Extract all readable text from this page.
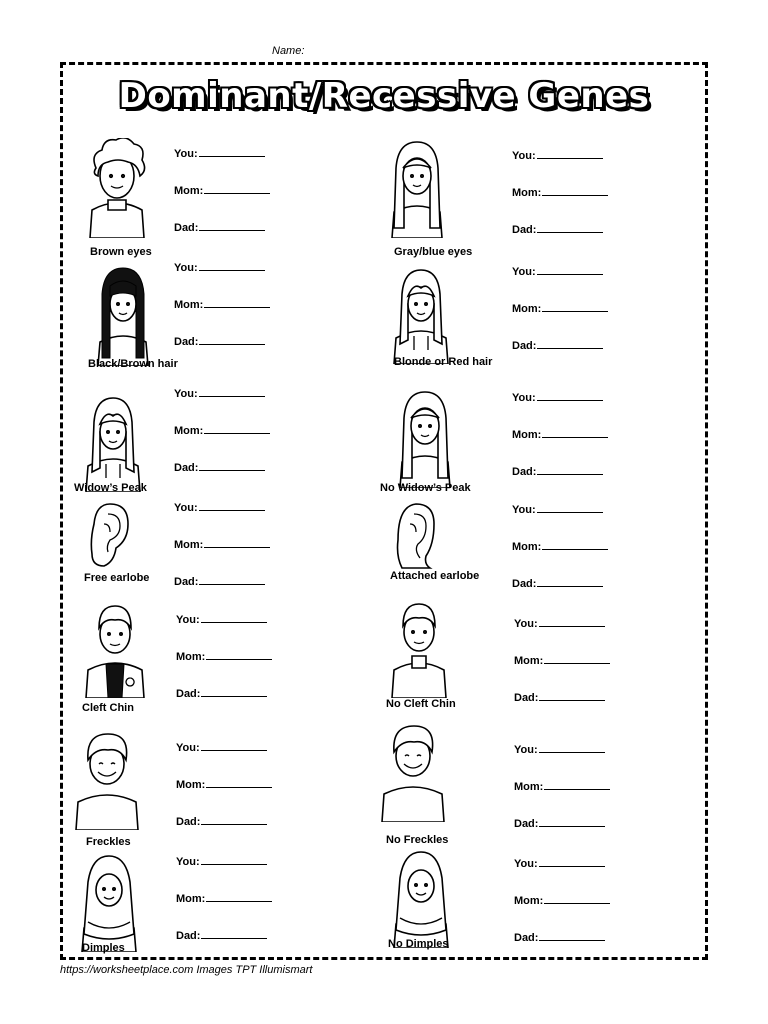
Name:
Dominant/Recessive Genes
Brown eyes
You:
Mom:
Dad:
Gray/blue eyes
You:
Mom:
Dad:
Black/Brown hair
You:
Mom:
Dad:
Blonde or Red hair
You:
Mom:
Dad:
Widow’s Peak
You:
Mom:
Dad:
No Widow’s Peak
You:
Mom:
Dad:
Free earlobe
You:
Mom:
Dad:	Attached earlobe
You:
Mom:
Dad:
Cleft Chin
You:
Mom:
Dad:
No Cleft Chin
You:
Mom:
Dad:
Freckles
You:
Mom:
Dad:
No Freckles
You:
Mom:
Dad:
Dimples
You:
Mom:
Dad:
No Dimples
You:
Mom:
Dad:
https://worksheetplace.com Images TPT Illumismart
